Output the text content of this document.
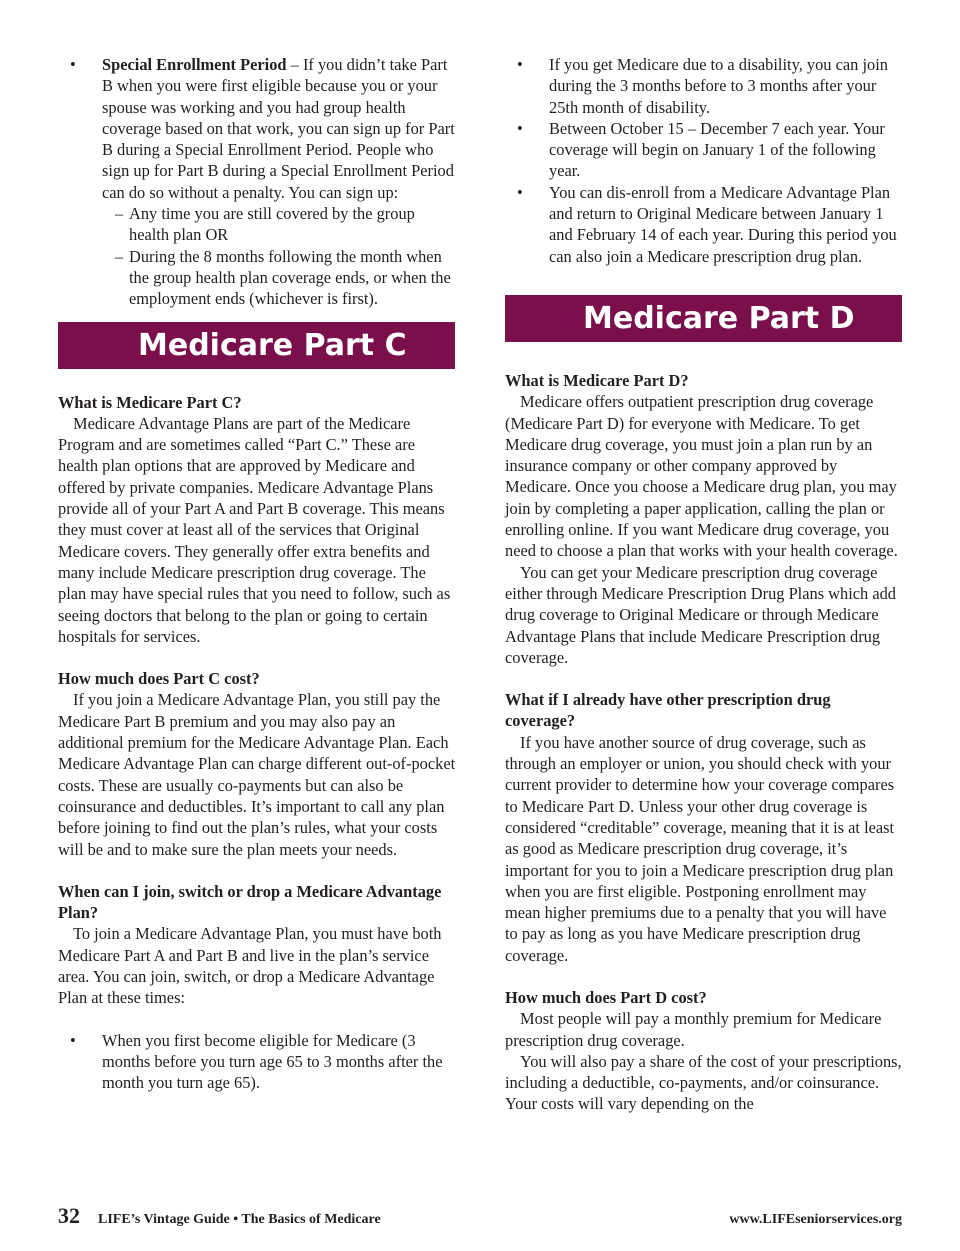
•	Special Enrollment Period – If you didn’t take Part B when you were first eligible because you or your spouse was working and you had group health coverage based on that work, you can sign up for Part B during a Special Enrollment Period. People who sign up for Part B during a Special Enrollment Period can do so without a penalty. You can sign up:
– Any time you are still covered by the group health plan OR
– During the 8 months following the month when the group health plan coverage ends, or when the employment ends (whichever is first).
Medicare Part C
What is Medicare Part C?

Medicare Advantage Plans are part of the Medicare Program and are sometimes called “Part C.” These are health plan options that are approved by Medicare and offered by private companies. Medicare Advantage Plans provide all of your Part A and Part B coverage. This means they must cover at least all of the services that Original Medicare covers. They generally offer extra benefits and many include Medicare prescription drug coverage. The plan may have special rules that you need to follow, such as seeing doctors that belong to the plan or going to certain hospitals for services.

How much does Part C cost?

If you join a Medicare Advantage Plan, you still pay the Medicare Part B premium and you may also pay an additional premium for the Medicare Advantage Plan. Each Medicare Advantage Plan can charge different out-of-pocket costs. These are usually co-payments but can also be coinsurance and deductibles. It’s important to call any plan before joining to find out the plan’s rules, what your costs will be and to make sure the plan meets your needs.

When can I join, switch or drop a Medicare Advantage Plan?

To join a Medicare Advantage Plan, you must have both Medicare Part A and Part B and live in the plan’s service area. You can join, switch, or drop a Medicare Advantage Plan at these times:

•	When you first become eligible for Medicare (3 months before you turn age 65 to 3 months after the month you turn age 65).
•	If you get Medicare due to a disability, you can join during the 3 months before to 3 months after your 25th month of disability.
•	Between October 15 – December 7 each year. Your coverage will begin on January 1 of the following year.
•	You can dis-enroll from a Medicare Advantage Plan and return to Original Medicare between January 1 and February 14 of each year. During this period you can also join a Medicare prescription drug plan.
Medicare Part D
What is Medicare Part D?

Medicare offers outpatient prescription drug coverage (Medicare Part D) for everyone with Medicare. To get Medicare drug coverage, you must join a plan run by an insurance company or other company approved by Medicare. Once you choose a Medicare drug plan, you may join by completing a paper application, calling the plan or enrolling online. If you want Medicare drug coverage, you need to choose a plan that works with your health coverage.

You can get your Medicare prescription drug coverage either through Medicare Prescription Drug Plans which add drug coverage to Original Medicare or through Medicare Advantage Plans that include Medicare Prescription drug coverage.

What if I already have other prescription drug coverage?

If you have another source of drug coverage, such as through an employer or union, you should check with your current provider to determine how your coverage compares to Medicare Part D. Unless your other drug coverage is considered “creditable” coverage, meaning that it is at least as good as Medicare prescription drug coverage, it’s important for you to join a Medicare prescription drug plan when you are first eligible. Postponing enrollment may mean higher premiums due to a penalty that you will have to pay as long as you have Medicare prescription drug coverage.

How much does Part D cost?

Most people will pay a monthly premium for Medicare prescription drug coverage.

You will also pay a share of the cost of your prescriptions, including a deductible, co-payments, and/or coinsurance. Your costs will vary depending on the

32	LIFE’s Vintage Guide • The Basics of Medicare	www.LIFEseniorservices.org
